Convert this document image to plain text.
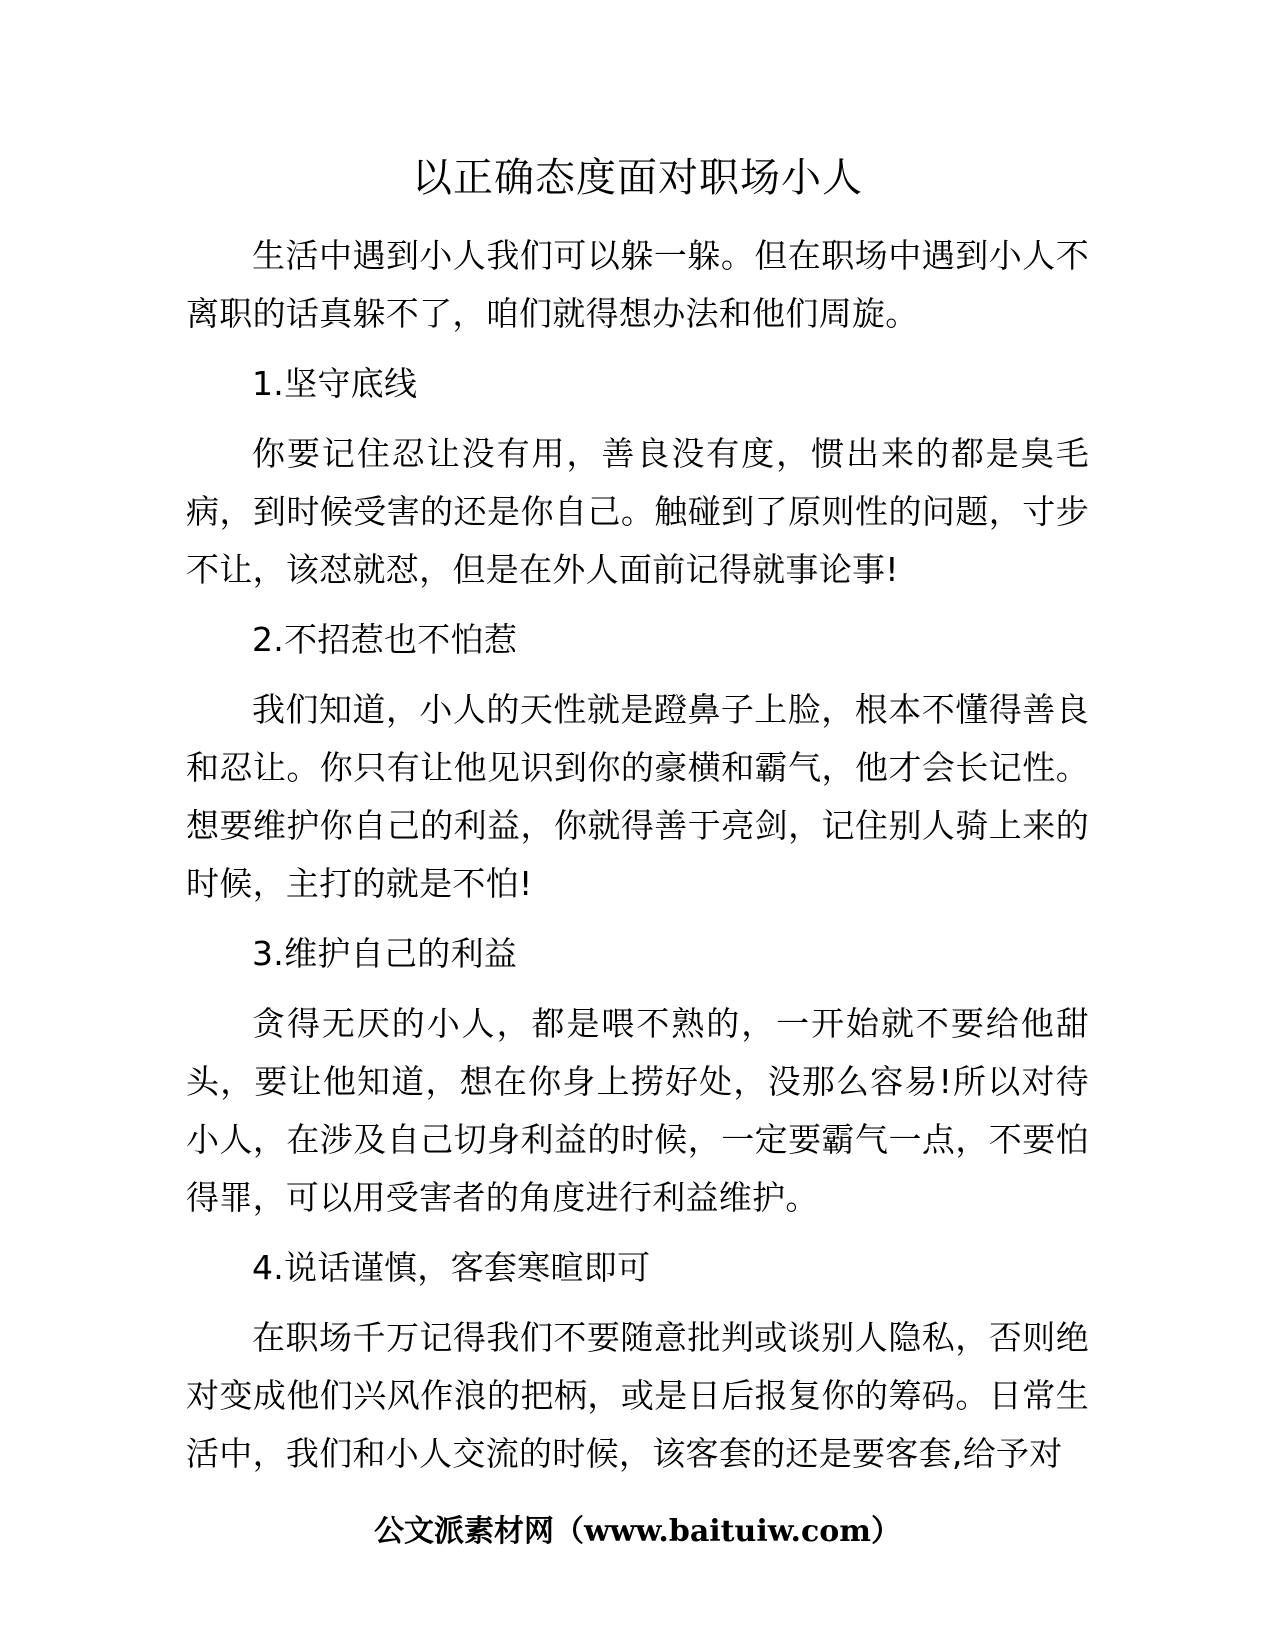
以正确态度面对职场小人

生活中遇到小人我们可以躲一躲。但在职场中遇到小人不离职的话真躲不了，咱们就得想办法和他们周旋。

1.坚守底线

你要记住忍让没有用，善良没有度，惯出来的都是臭毛病，到时候受害的还是你自己。触碰到了原则性的问题，寸步不让，该怼就怼，但是在外人面前记得就事论事!

2.不招惹也不怕惹

我们知道，小人的天性就是蹬鼻子上脸，根本不懂得善良和忍让。你只有让他见识到你的豪横和霸气，他才会长记性。想要维护你自己的利益，你就得善于亮剑，记住别人骑上来的时候，主打的就是不怕!

3.维护自己的利益

贪得无厌的小人，都是喂不熟的，一开始就不要给他甜头，要让他知道，想在你身上捞好处，没那么容易!所以对待小人，在涉及自己切身利益的时候，一定要霸气一点，不要怕得罪，可以用受害者的角度进行利益维护。

4.说话谨慎，客套寒暄即可

在职场千万记得我们不要随意批判或谈别人隐私，否则绝对变成他们兴风作浪的把柄，或是日后报复你的筹码。日常生活中，我们和小人交流的时候，该客套的还是要客套,给予对

公文派素材网（www.baituiw.com）
